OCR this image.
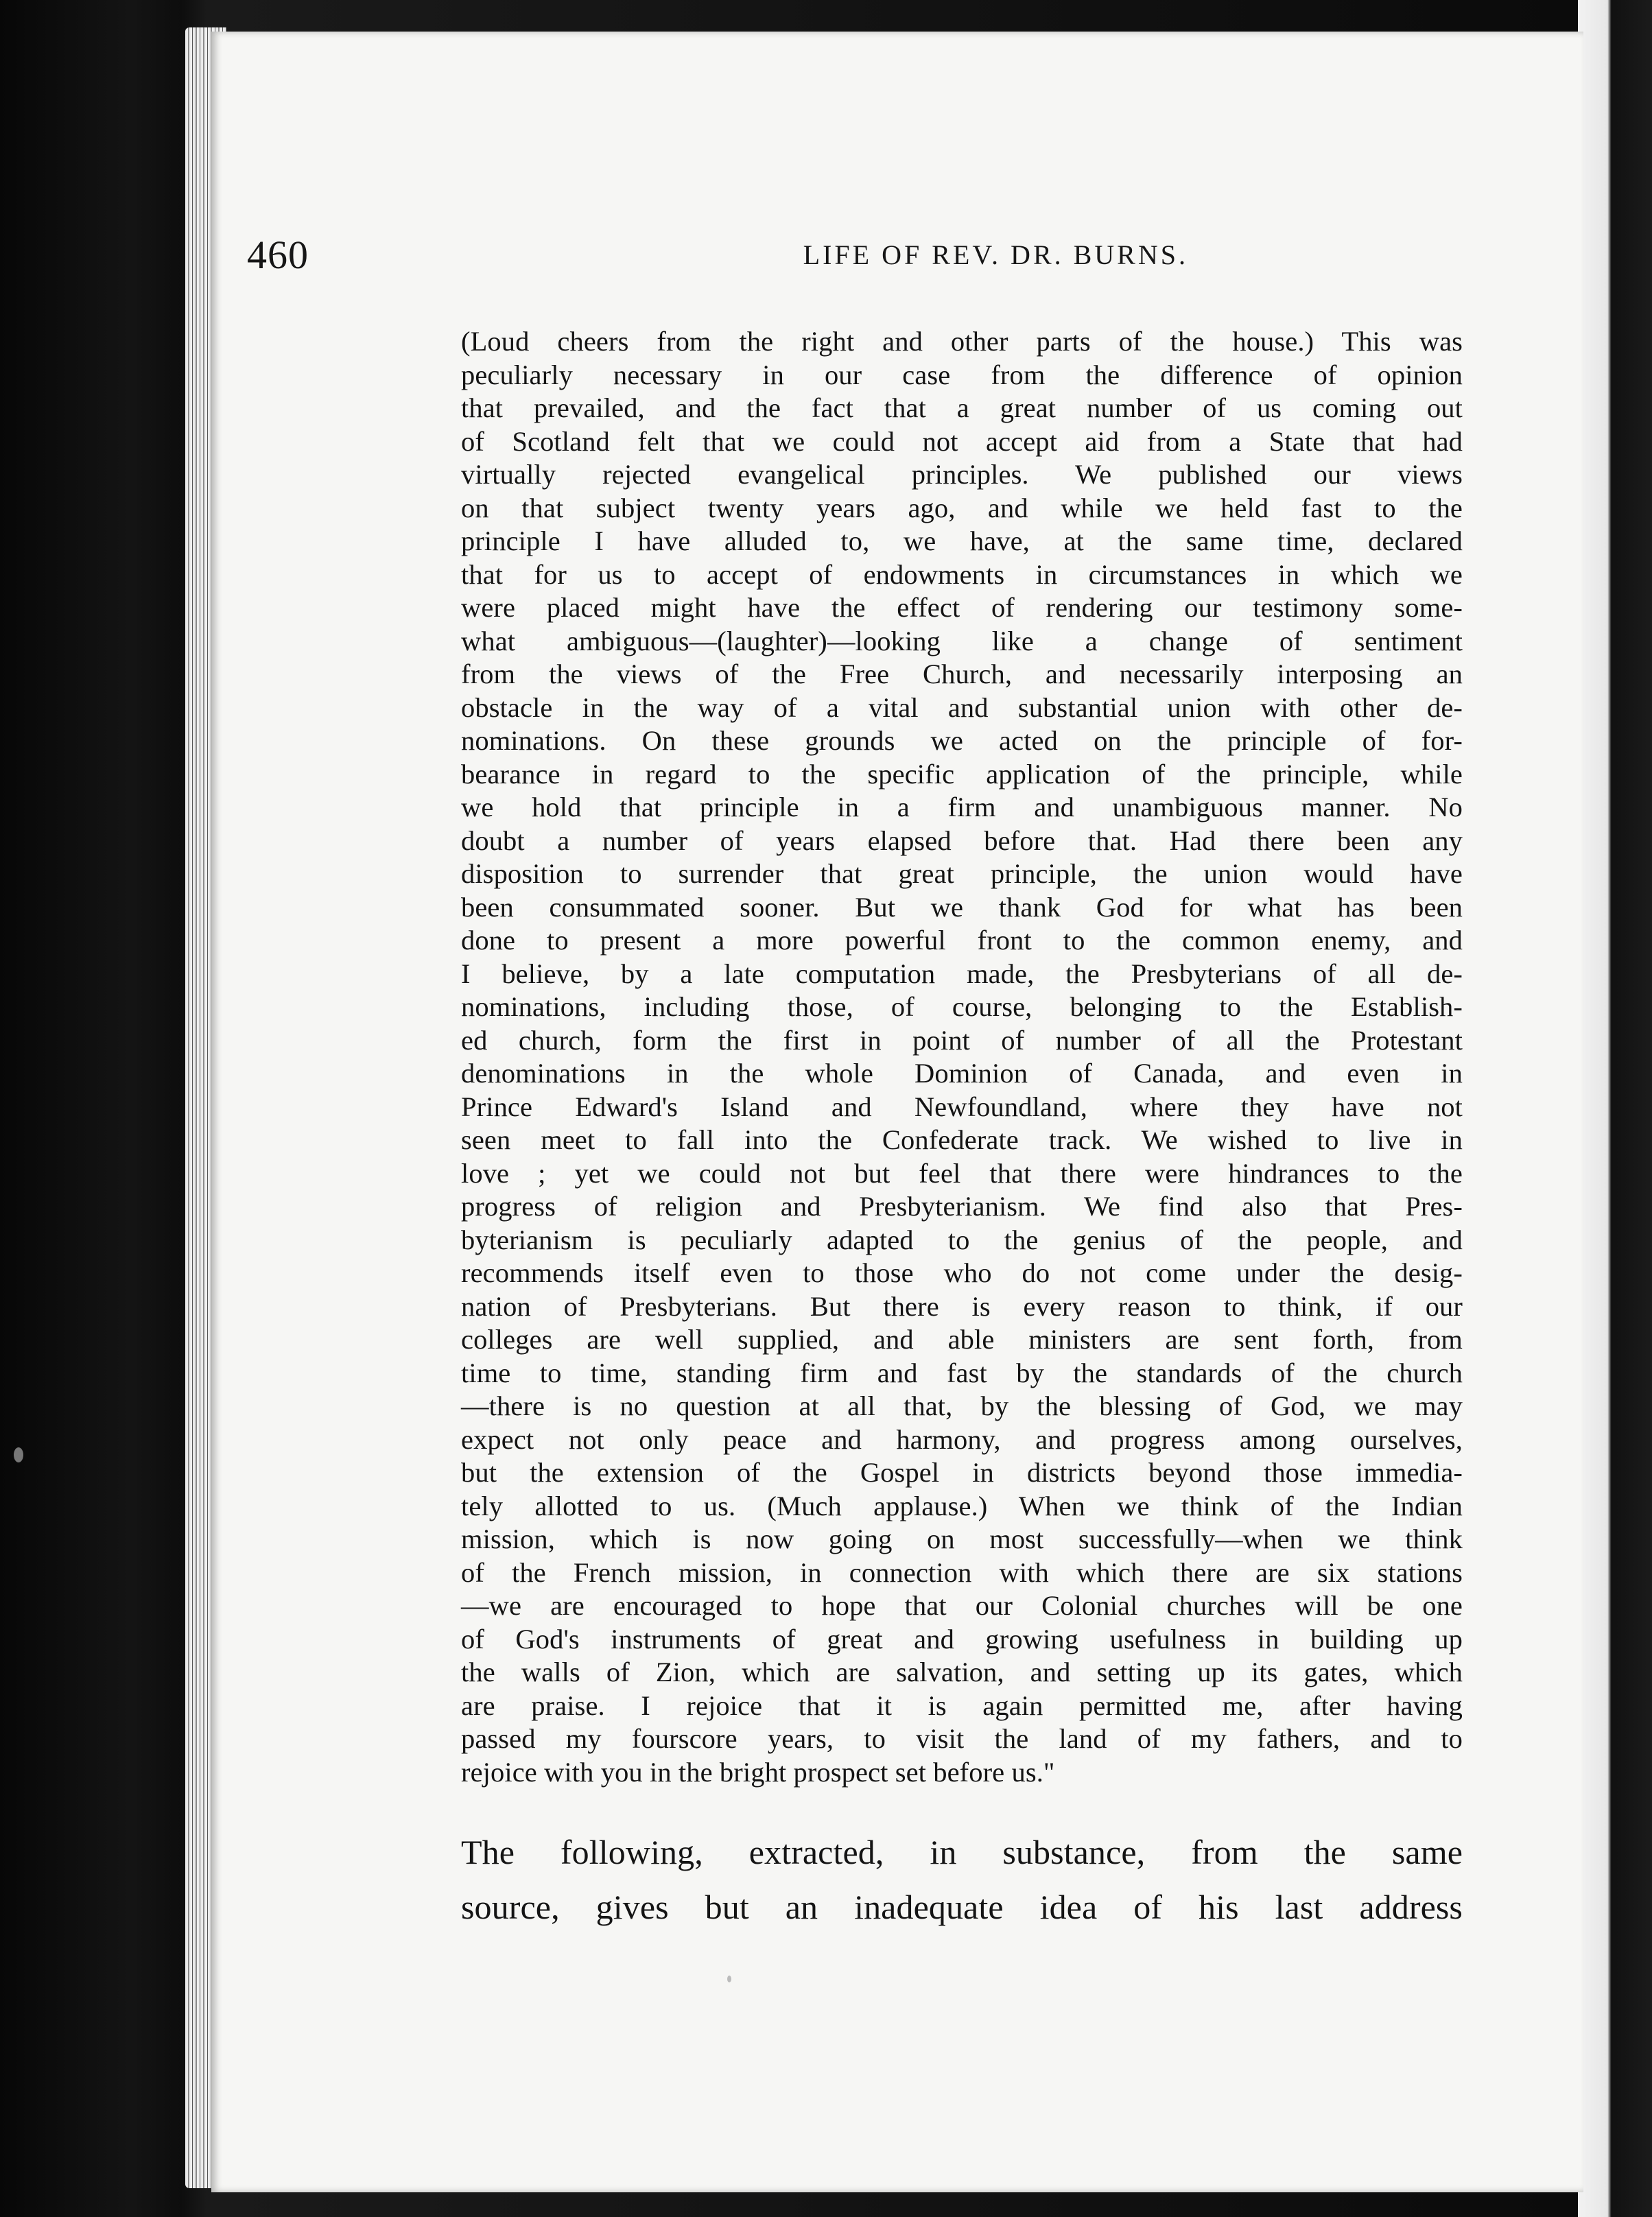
460	LIFE OF REV. DR. BURNS.
(Loud cheers from the right and other parts of the house.) This was
peculiarly necessary in our case from the difference of opinion
that prevailed, and the fact that a great number of us coming out
of Scotland felt that we could not accept aid from a State that had
virtually rejected evangelical principles. We published our views
on that subject twenty years ago, and while we held fast to the
principle I have alluded to, we have, at the same time, declared
that for us to accept of endowments in circumstances in which we
were placed might have the effect of rendering our testimony some-
what ambiguous—(laughter)—looking like a change of sentiment
from the views of the Free Church, and necessarily interposing an
obstacle in the way of a vital and substantial union with other de-
nominations. On these grounds we acted on the principle of for-
bearance in regard to the specific application of the principle, while
we hold that principle in a firm and unambiguous manner. No
doubt a number of years elapsed before that. Had there been any
disposition to surrender that great principle, the union would have
been consummated sooner. But we thank God for what has been
done to present a more powerful front to the common enemy, and
I believe, by a late computation made, the Presbyterians of all de-
nominations, including those, of course, belonging to the Establish-
ed church, form the first in point of number of all the Protestant
denominations in the whole Dominion of Canada, and even in
Prince Edward's Island and Newfoundland, where they have not
seen meet to fall into the Confederate track. We wished to live in
love ; yet we could not but feel that there were hindrances to the
progress of religion and Presbyterianism. We find also that Pres-
byterianism is peculiarly adapted to the genius of the people, and
recommends itself even to those who do not come under the desig-
nation of Presbyterians. But there is every reason to think, if our
colleges are well supplied, and able ministers are sent forth, from
time to time, standing firm and fast by the standards of the church
—there is no question at all that, by the blessing of God, we may
expect not only peace and harmony, and progress among ourselves,
but the extension of the Gospel in districts beyond those immedia-
tely allotted to us. (Much applause.) When we think of the Indian
mission, which is now going on most successfully—when we think
of the French mission, in connection with which there are six stations
—we are encouraged to hope that our Colonial churches will be one
of God's instruments of great and growing usefulness in building up
the walls of Zion, which are salvation, and setting up its gates, which
are praise. I rejoice that it is again permitted me, after having
passed my fourscore years, to visit the land of my fathers, and to
rejoice with you in the bright prospect set before us."
The following, extracted, in substance, from the same
source, gives but an inadequate idea of his last address
